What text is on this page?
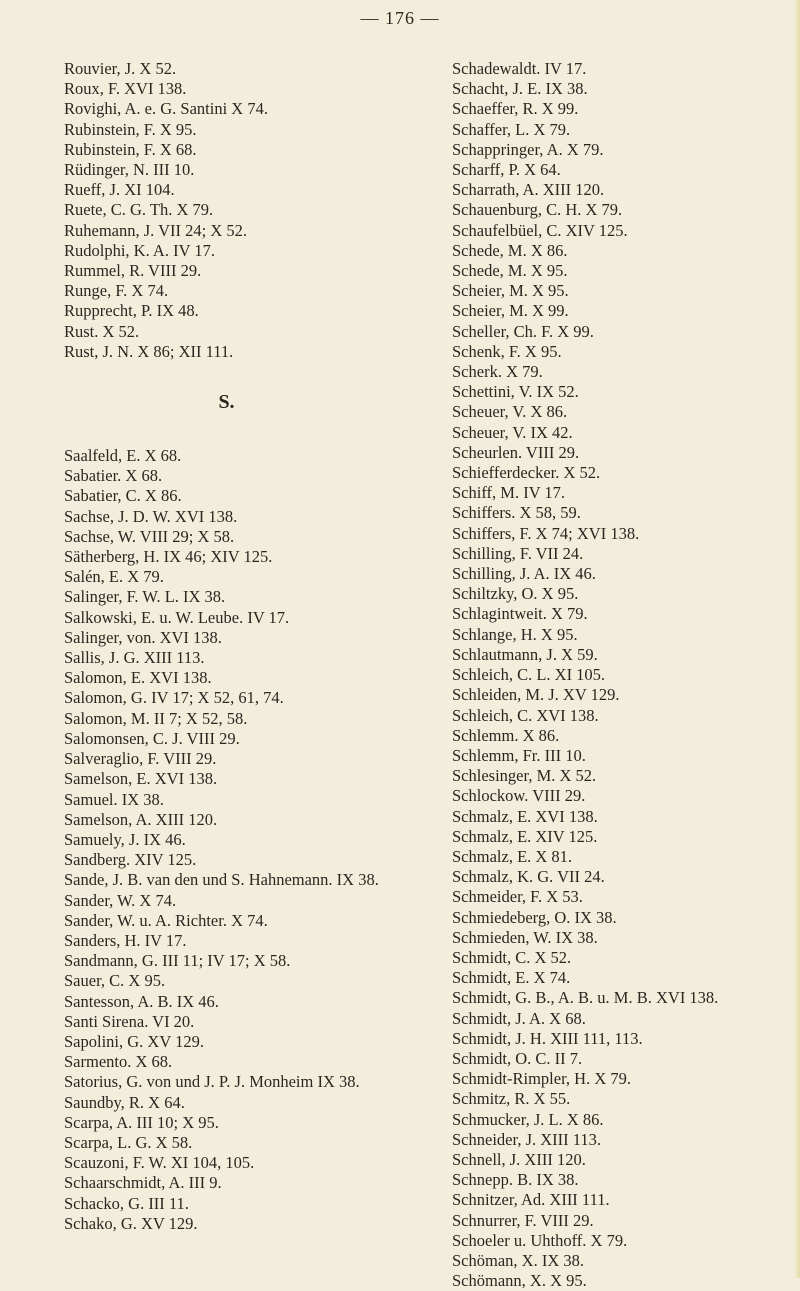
— 176 —
Rouvier, J. X 52.
Roux, F. XVI 138.
Rovighi, A. e. G. Santini X 74.
Rubinstein, F. X 95.
Rubinstein, F. X 68.
Rüdinger, N. III 10.
Rueff, J. XI 104.
Ruete, C. G. Th. X 79.
Ruhemann, J. VII 24; X 52.
Rudolphi, K. A. IV 17.
Rummel, R. VIII 29.
Runge, F. X 74.
Rupprecht, P. IX 48.
Rust. X 52.
Rust, J. N. X 86; XII 111.
S.
Saalfeld, E. X 68.
Sabatier. X 68.
Sabatier, C. X 86.
Sachse, J. D. W. XVI 138.
Sachse, W. VIII 29; X 58.
Sätherberg, H. IX 46; XIV 125.
Salén, E. X 79.
Salinger, F. W. L. IX 38.
Salkowski, E. u. W. Leube. IV 17.
Salinger, von. XVI 138.
Sallis, J. G. XIII 113.
Salomon, E. XVI 138.
Salomon, G. IV 17; X 52, 61, 74.
Salomon, M. II 7; X 52, 58.
Salomonsen, C. J. VIII 29.
Salveraglio, F. VIII 29.
Samelson, E. XVI 138.
Samuel. IX 38.
Samelson, A. XIII 120.
Samuely, J. IX 46.
Sandberg. XIV 125.
Sande, J. B. van den und S. Hahnemann. IX 38.
Sander, W. X 74.
Sander, W. u. A. Richter. X 74.
Sanders, H. IV 17.
Sandmann, G. III 11; IV 17; X 58.
Sauer, C. X 95.
Santesson, A. B. IX 46.
Santi Sirena. VI 20.
Sapolini, G. XV 129.
Sarmento. X 68.
Satorius, G. von und J. P. J. Monheim IX 38.
Saundby, R. X 64.
Scarpa, A. III 10; X 95.
Scarpa, L. G. X 58.
Scauzoni, F. W. XI 104, 105.
Schaarschmidt, A. III 9.
Schacko, G. III 11.
Schako, G. XV 129.
Schadewaldt. IV 17.
Schacht, J. E. IX 38.
Schaeffer, R. X 99.
Schaffer, L. X 79.
Schappringer, A. X 79.
Scharff, P. X 64.
Scharrath, A. XIII 120.
Schauenburg, C. H. X 79.
Schaufelbüel, C. XIV 125.
Schede, M. X 86.
Schede, M. X 95.
Scheier, M. X 95.
Scheier, M. X 99.
Scheller, Ch. F. X 99.
Schenk, F. X 95.
Scherk. X 79.
Schettini, V. IX 52.
Scheuer, V. X 86.
Scheuer, V. IX 42.
Scheurlen. VIII 29.
Schiefferdecker. X 52.
Schiff, M. IV 17.
Schiffers. X 58, 59.
Schiffers, F. X 74; XVI 138.
Schilling, F. VII 24.
Schilling, J. A. IX 46.
Schiltzky, O. X 95.
Schlagintweit. X 79.
Schlange, H. X 95.
Schlautmann, J. X 59.
Schleich, C. L. XI 105.
Schleiden, M. J. XV 129.
Schleich, C. XVI 138.
Schlemm. X 86.
Schlemm, Fr. III 10.
Schlesinger, M. X 52.
Schlockow. VIII 29.
Schmalz, E. XVI 138.
Schmalz, E. XIV 125.
Schmalz, E. X 81.
Schmalz, K. G. VII 24.
Schmeider, F. X 53.
Schmiedeberg, O. IX 38.
Schmieden, W. IX 38.
Schmidt, C. X 52.
Schmidt, E. X 74.
Schmidt, G. B., A. B. u. M. B. XVI 138.
Schmidt, J. A. X 68.
Schmidt, J. H. XIII 111, 113.
Schmidt, O. C. II 7.
Schmidt-Rimpler, H. X 79.
Schmitz, R. X 55.
Schmucker, J. L. X 86.
Schneider, J. XIII 113.
Schnell, J. XIII 120.
Schnepp. B. IX 38.
Schnitzer, Ad. XIII 111.
Schnurrer, F. VIII 29.
Schoeler u. Uhthoff. X 79.
Schöman, X. IX 38.
Schömann, X. X 95.
